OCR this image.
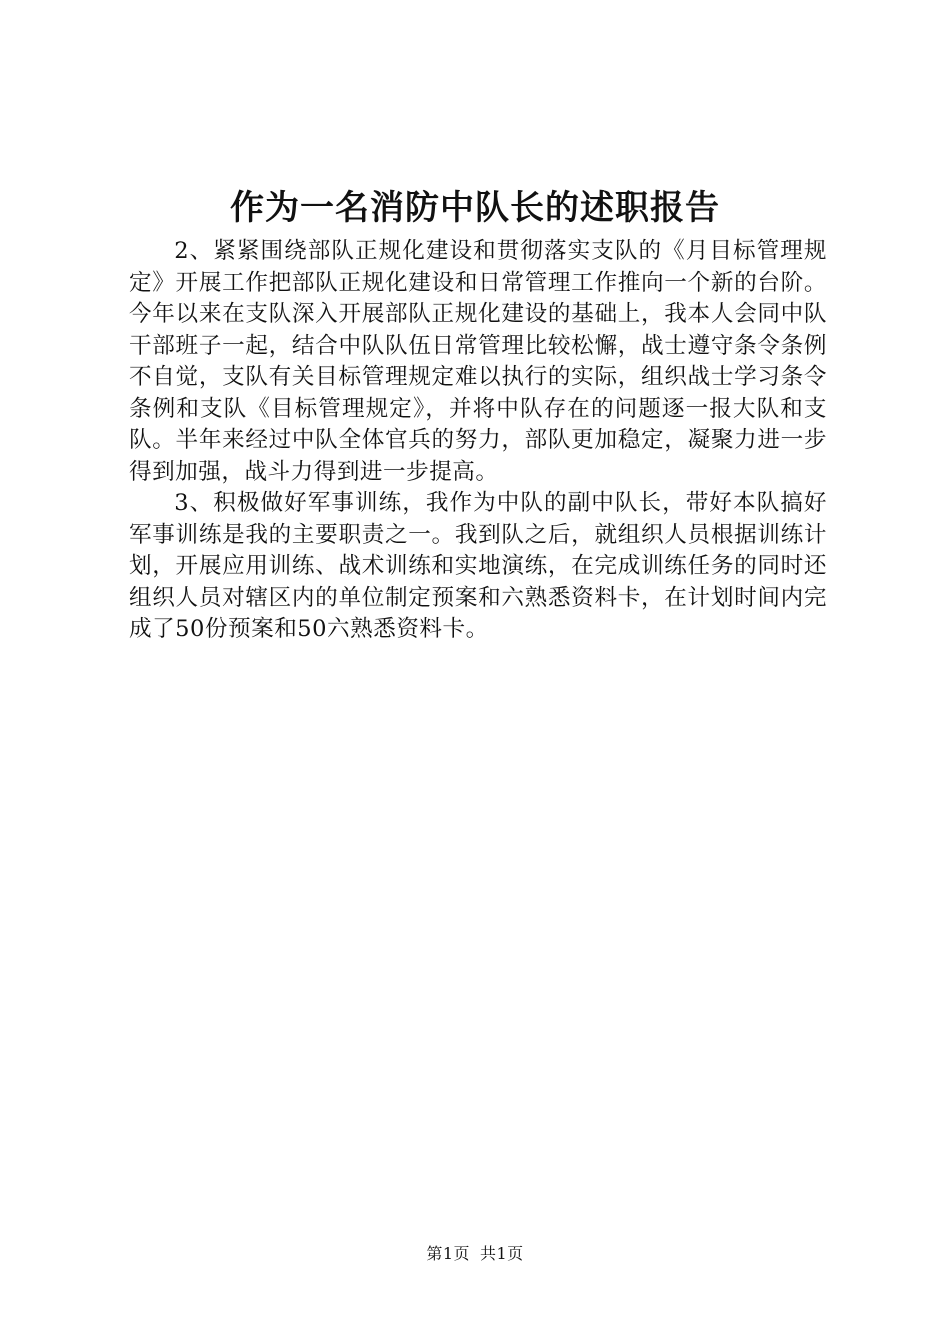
作为一名消防中队长的述职报告

2、紧紧围绕部队正规化建设和贯彻落实支队的《月目标管理规定》开展工作把部队正规化建设和日常管理工作推向一个新的台阶。今年以来在支队深入开展部队正规化建设的基础上，我本人会同中队干部班子一起，结合中队队伍日常管理比较松懈，战士遵守条令条例不自觉，支队有关目标管理规定难以执行的实际，组织战士学习条令条例和支队《目标管理规定》，并将中队存在的问题逐一报大队和支队。半年来经过中队全体官兵的努力，部队更加稳定，凝聚力进一步得到加强，战斗力得到进一步提高。

3、积极做好军事训练，我作为中队的副中队长，带好本队搞好军事训练是我的主要职责之一。我到队之后，就组织人员根据训练计划，开展应用训练、战术训练和实地演练，在完成训练任务的同时还组织人员对辖区内的单位制定预案和六熟悉资料卡，在计划时间内完成了50份预案和50六熟悉资料卡。

第1页 共1页
